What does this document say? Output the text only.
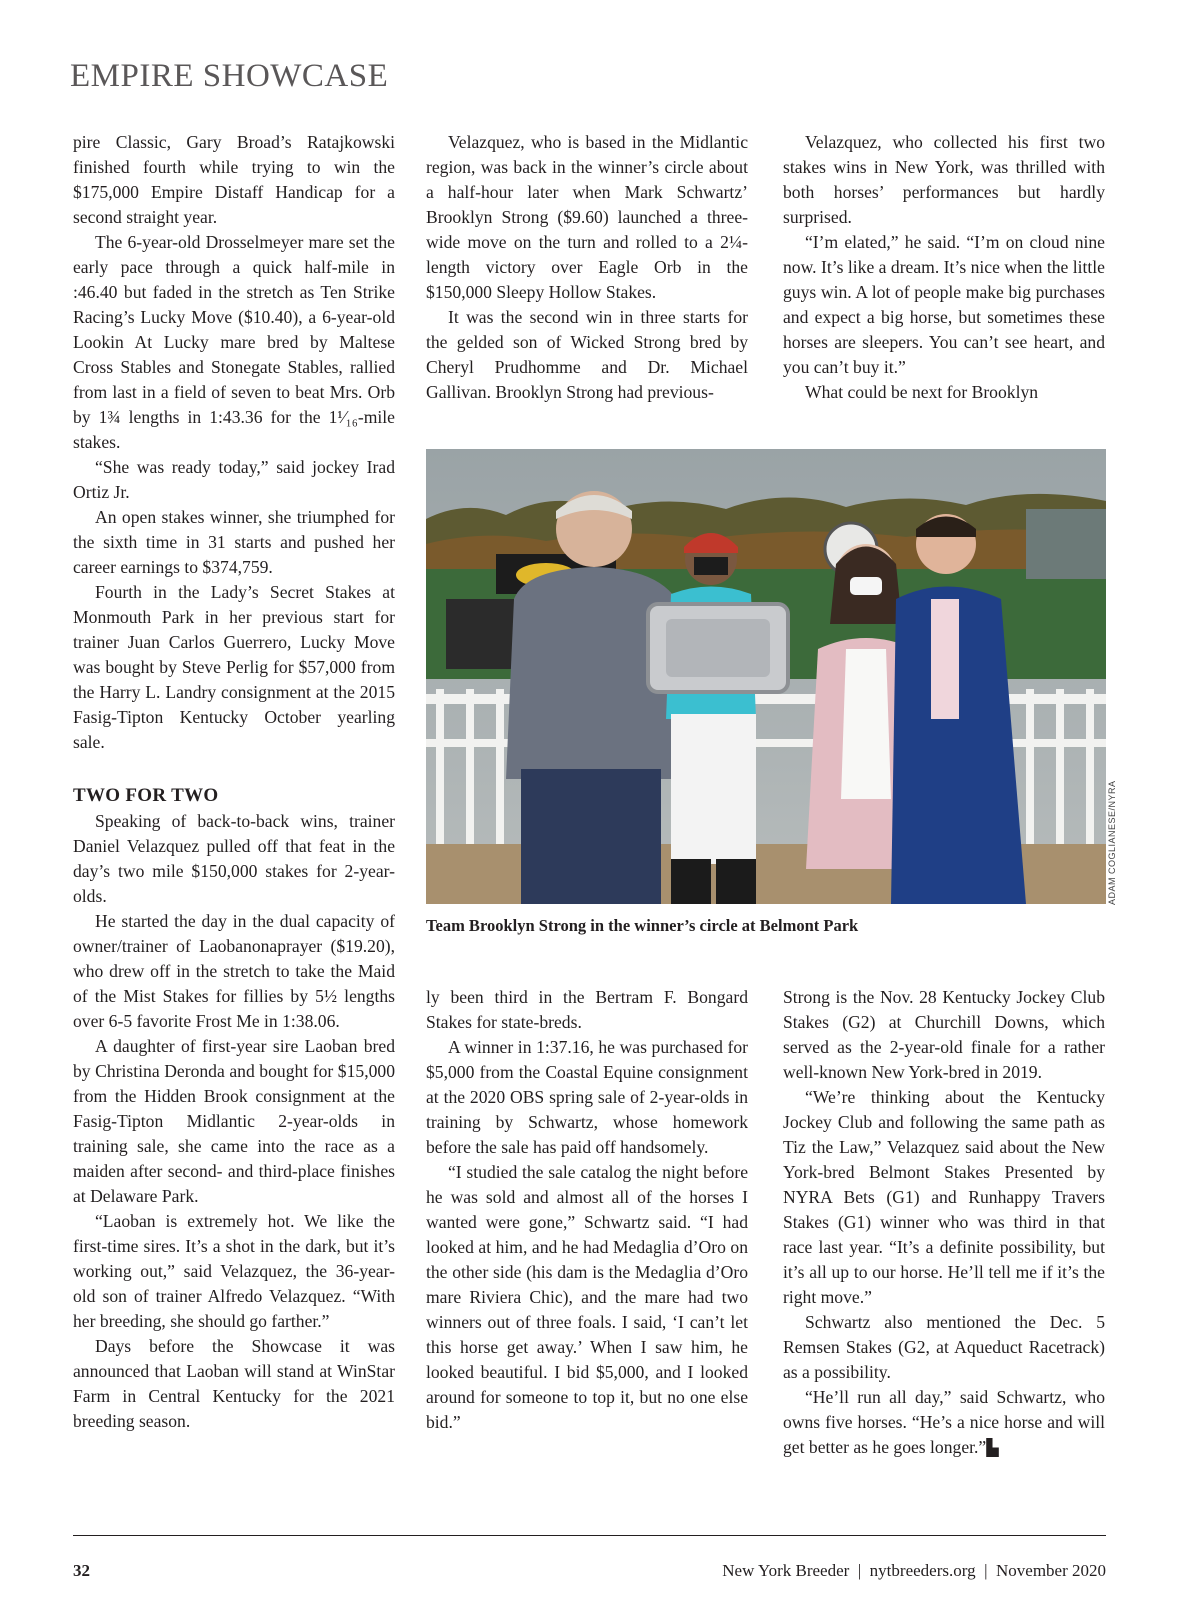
EMPIRE SHOWCASE

pire Classic, Gary Broad’s Ratajkowski finished fourth while trying to win the $175,000 Empire Distaff Handicap for a second straight year.

The 6-year-old Drosselmeyer mare set the early pace through a quick half-mile in :46.40 but faded in the stretch as Ten Strike Racing’s Lucky Move ($10.40), a 6-year-old Lookin At Lucky mare bred by Maltese Cross Stables and Stonegate Stables, rallied from last in a field of seven to beat Mrs. Orb by 1¾ lengths in 1:43.36 for the 1¹⁄₁₆-mile stakes.

“She was ready today,” said jockey Irad Ortiz Jr.

An open stakes winner, she triumphed for the sixth time in 31 starts and pushed her career earnings to $374,759.

Fourth in the Lady’s Secret Stakes at Monmouth Park in her previous start for trainer Juan Carlos Guerrero, Lucky Move was bought by Steve Perlig for $57,000 from the Harry L. Landry consignment at the 2015 Fasig-Tipton Kentucky October yearling sale.

TWO FOR TWO

Speaking of back-to-back wins, trainer Daniel Velazquez pulled off that feat in the day’s two mile $150,000 stakes for 2-year-olds.

He started the day in the dual capacity of owner/trainer of Laobanonaprayer ($19.20), who drew off in the stretch to take the Maid of the Mist Stakes for fillies by 5½ lengths over 6-5 favorite Frost Me in 1:38.06.

A daughter of first-year sire Laoban bred by Christina Deronda and bought for $15,000 from the Hidden Brook consignment at the Fasig-Tipton Midlantic 2-year-olds in training sale, she came into the race as a maiden after second- and third-place finishes at Delaware Park.

“Laoban is extremely hot. We like the first-time sires. It’s a shot in the dark, but it’s working out,” said Velazquez, the 36-year-old son of trainer Alfredo Velazquez. “With her breeding, she should go farther.”

Days before the Showcase it was announced that Laoban will stand at WinStar Farm in Central Kentucky for the 2021 breeding season.

Velazquez, who is based in the Midlantic region, was back in the winner’s circle about a half-hour later when Mark Schwartz’ Brooklyn Strong ($9.60) launched a three-wide move on the turn and rolled to a 2¼-length victory over Eagle Orb in the $150,000 Sleepy Hollow Stakes.

It was the second win in three starts for the gelded son of Wicked Strong bred by Cheryl Prudhomme and Dr. Michael Gallivan. Brooklyn Strong had previous-

Velazquez, who collected his first two stakes wins in New York, was thrilled with both horses’ performances but hardly surprised.

“I’m elated,” he said. “I’m on cloud nine now. It’s like a dream. It’s nice when the little guys win. A lot of people make big purchases and expect a big horse, but sometimes these horses are sleepers. You can’t see heart, and you can’t buy it.”

What could be next for Brooklyn

ADAM COGLIANESE/NYRA
Team Brooklyn Strong in the winner’s circle at Belmont Park

ly been third in the Bertram F. Bongard Stakes for state-breds.

A winner in 1:37.16, he was purchased for $5,000 from the Coastal Equine consignment at the 2020 OBS spring sale of 2-year-olds in training by Schwartz, whose homework before the sale has paid off handsomely.

“I studied the sale catalog the night before he was sold and almost all of the horses I wanted were gone,” Schwartz said. “I had looked at him, and he had Medaglia d’Oro on the other side (his dam is the Medaglia d’Oro mare Riviera Chic), and the mare had two winners out of three foals. I said, ‘I can’t let this horse get away.’ When I saw him, he looked beautiful. I bid $5,000, and I looked around for someone to top it, but no one else bid.”

Strong is the Nov. 28 Kentucky Jockey Club Stakes (G2) at Churchill Downs, which served as the 2-year-old finale for a rather well-known New York-bred in 2019.

“We’re thinking about the Kentucky Jockey Club and following the same path as Tiz the Law,” Velazquez said about the New York-bred Belmont Stakes Presented by NYRA Bets (G1) and Runhappy Travers Stakes (G1) winner who was third in that race last year. “It’s a definite possibility, but it’s all up to our horse. He’ll tell me if it’s the right move.”

Schwartz also mentioned the Dec. 5 Remsen Stakes (G2, at Aqueduct Racetrack) as a possibility.

“He’ll run all day,” said Schwartz, who owns five horses. “He’s a nice horse and will get better as he goes longer.”▙

32	New York Breeder  |  nytbreeders.org  |  November 2020
